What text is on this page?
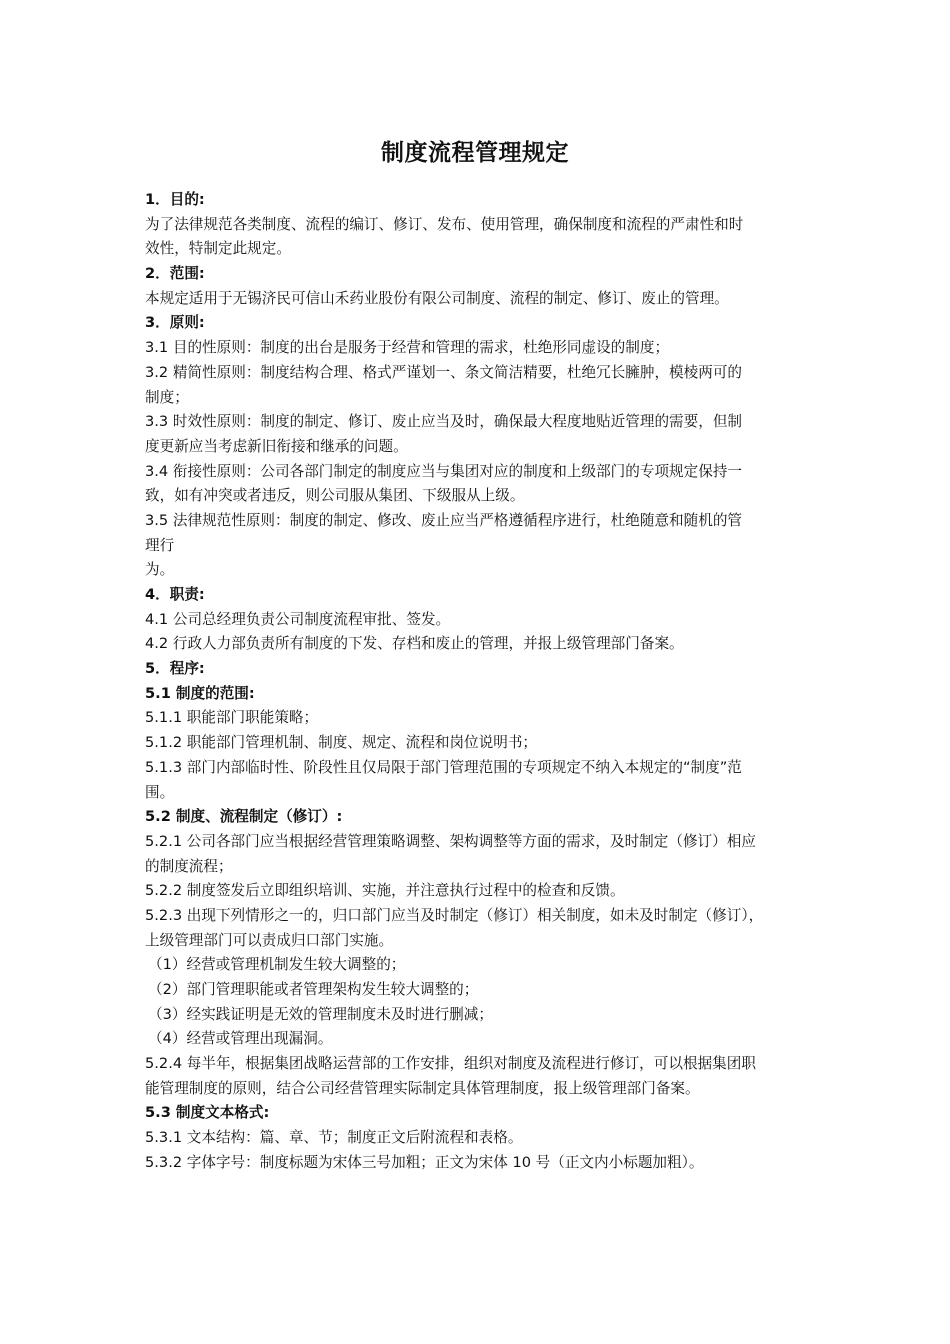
制度流程管理规定
1．目的:
为了法律规范各类制度、流程的编订、修订、发布、使用管理，确保制度和流程的严肃性和时
效性，特制定此规定。
2．范围:
本规定适用于无锡济民可信山禾药业股份有限公司制度、流程的制定、修订、废止的管理。
3．原则:
3.1 目的性原则：制度的出台是服务于经营和管理的需求，杜绝形同虚设的制度；
3.2 精简性原则：制度结构合理、格式严谨划一、条文简洁精要，杜绝冗长臃肿，模棱两可的
制度；
3.3 时效性原则：制度的制定、修订、废止应当及时，确保最大程度地贴近管理的需要，但制
度更新应当考虑新旧衔接和继承的问题。
3.4 衔接性原则：公司各部门制定的制度应当与集团对应的制度和上级部门的专项规定保持一
致，如有冲突或者违反，则公司服从集团、下级服从上级。
3.5 法律规范性原则：制度的制定、修改、废止应当严格遵循程序进行，杜绝随意和随机的管
理行
为。
4．职责:
4.1 公司总经理负责公司制度流程审批、签发。
4.2 行政人力部负责所有制度的下发、存档和废止的管理，并报上级管理部门备案。
5．程序:
5.1 制度的范围:
5.1.1 职能部门职能策略；
5.1.2 职能部门管理机制、制度、规定、流程和岗位说明书；
5.1.3 部门内部临时性、阶段性且仅局限于部门管理范围的专项规定不纳入本规定的“制度”范
围。
5.2 制度、流程制定（修订）:
5.2.1 公司各部门应当根据经营管理策略调整、架构调整等方面的需求，及时制定（修订）相应
的制度流程；
5.2.2 制度签发后立即组织培训、实施，并注意执行过程中的检查和反馈。
5.2.3 出现下列情形之一的，归口部门应当及时制定（修订）相关制度，如未及时制定（修订），
上级管理部门可以责成归口部门实施。
（1）经营或管理机制发生较大调整的；
（2）部门管理职能或者管理架构发生较大调整的；
（3）经实践证明是无效的管理制度未及时进行删减；
（4）经营或管理出现漏洞。
5.2.4 每半年，根据集团战略运营部的工作安排，组织对制度及流程进行修订，可以根据集团职
能管理制度的原则，结合公司经营管理实际制定具体管理制度，报上级管理部门备案。
5.3 制度文本格式:
5.3.1 文本结构：篇、章、节；制度正文后附流程和表格。
5.3.2 字体字号：制度标题为宋体三号加粗；正文为宋体 10 号（正文内小标题加粗）。
